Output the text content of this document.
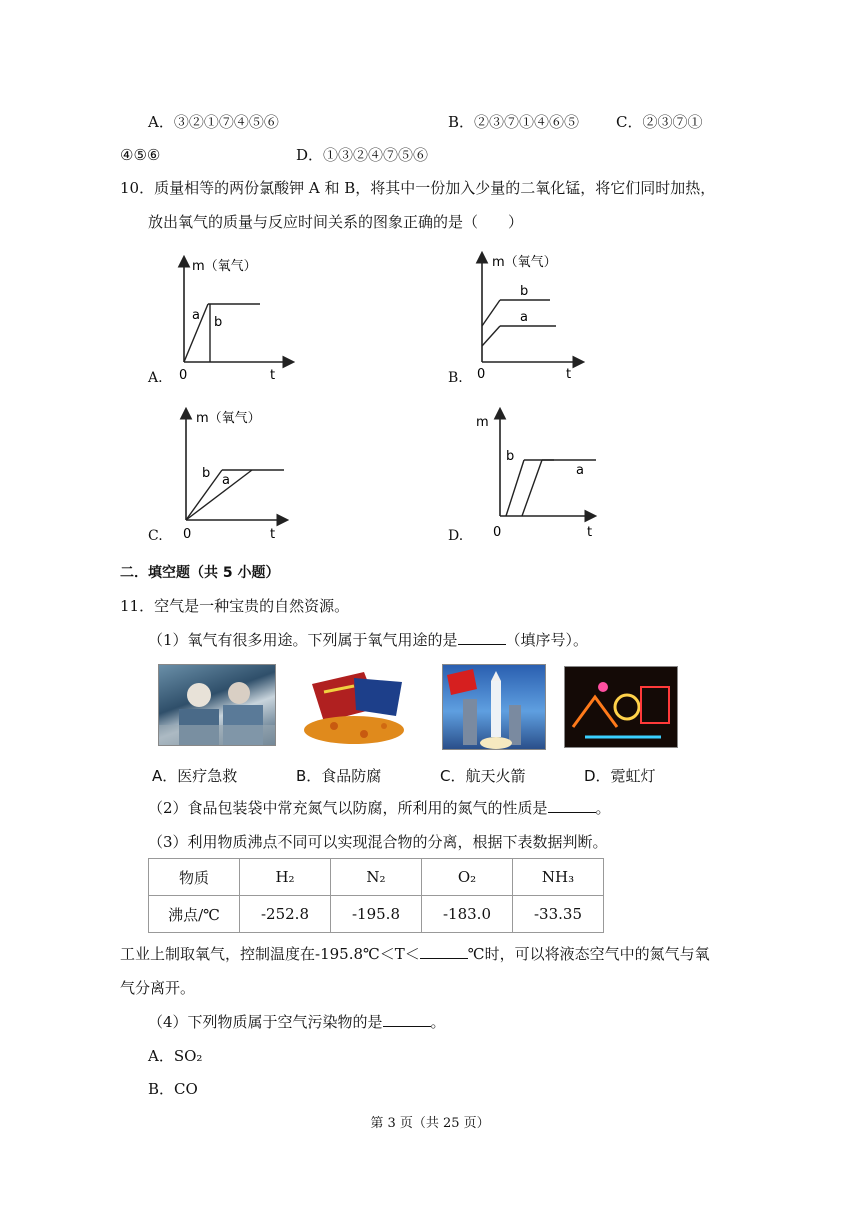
A．③②①⑦④⑤⑥	B．②③⑦①④⑥⑤ C．②③⑦①
④⑤⑥	D．①③②④⑦⑤⑥
10．质量相等的两份氯酸钾 A 和 B，将其中一份加入少量的二氧化锰，将它们同时加热，
放出氧气的质量与反应时间关系的图象正确的是（　　）
m（氧气）
a b
0	t
A.
m（氧气）
b
a
0	t
B.
m（氧气）
b a
0	t
C.
m
b
a
0	t
D.
二．填空题（共 5 小题）
11．空气是一种宝贵的自然资源。
（1）氧气有很多用途。下列属于氧气用途的是	（填序号）。
A．医疗急救	B．食品防腐	C．航天火箭	D．霓虹灯
（2）食品包装袋中常充氮气以防腐，所利用的氮气的性质是	。
（3）利用物质沸点不同可以实现混合物的分离，根据下表数据判断。
物质	H₂	N₂	O₂	NH₃
沸点/℃	-252.8	-195.8	-183.0	-33.35
工业上制取氧气，控制温度在-195.8℃＜T＜	℃时，可以将液态空气中的氮气与氧
气分离开。
（4）下列物质属于空气污染物的是	。
A．SO₂
B．CO
第 3 页（共 25 页）
